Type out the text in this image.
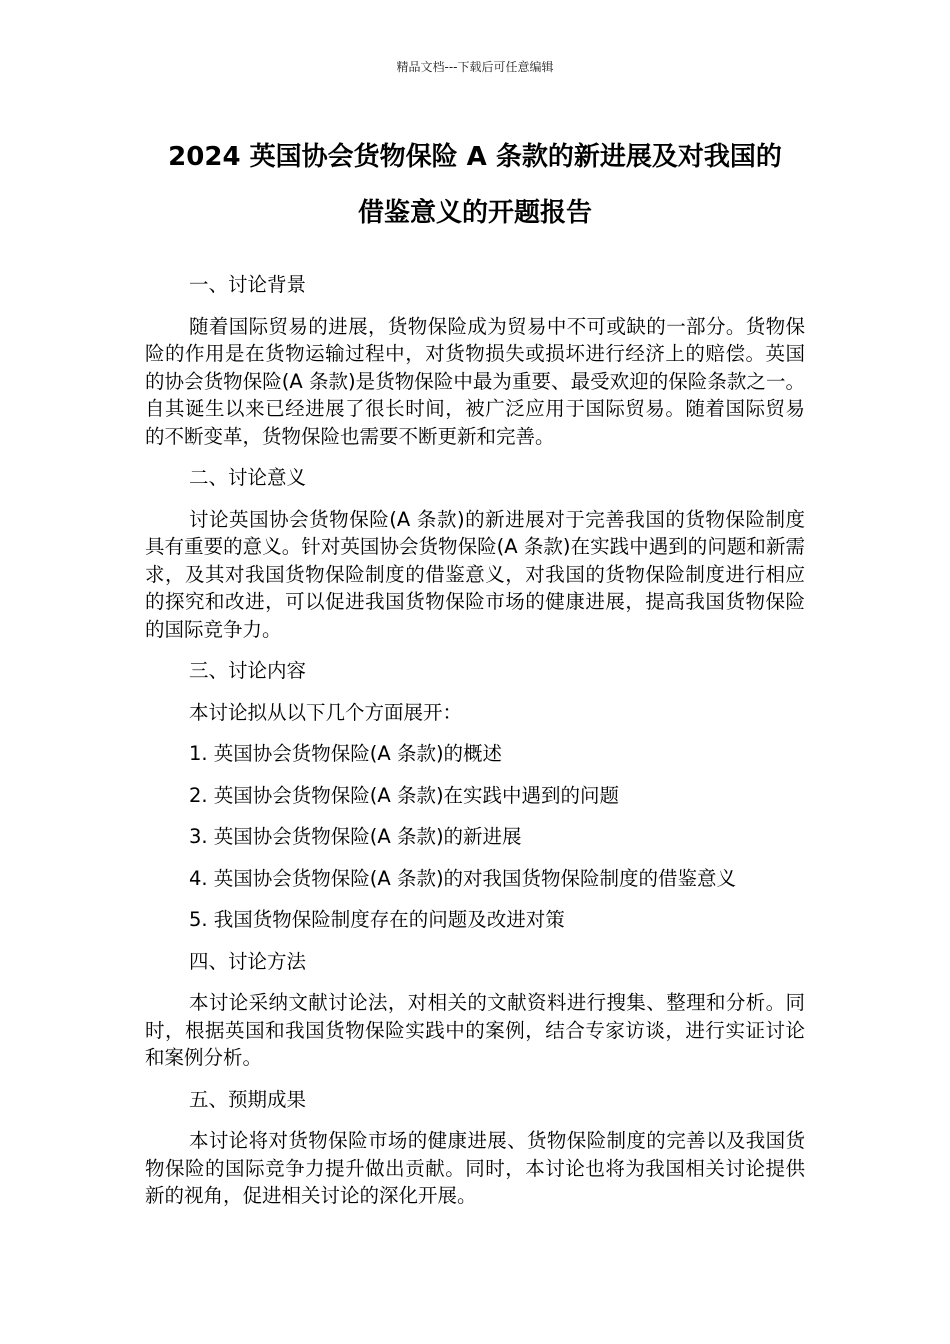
精品文档---下载后可任意编辑
2024 英国协会货物保险 A 条款的新进展及对我国的
借鉴意义的开题报告
一、讨论背景
随着国际贸易的进展，货物保险成为贸易中不可或缺的一部分。货物保险的作用是在货物运输过程中，对货物损失或损坏进行经济上的赔偿。英国的协会货物保险(A 条款)是货物保险中最为重要、最受欢迎的保险条款之一。自其诞生以来已经进展了很长时间，被广泛应用于国际贸易。随着国际贸易的不断变革，货物保险也需要不断更新和完善。
二、讨论意义
讨论英国协会货物保险(A 条款)的新进展对于完善我国的货物保险制度具有重要的意义。针对英国协会货物保险(A 条款)在实践中遇到的问题和新需求，及其对我国货物保险制度的借鉴意义，对我国的货物保险制度进行相应的探究和改进，可以促进我国货物保险市场的健康进展，提高我国货物保险的国际竞争力。
三、讨论内容
本讨论拟从以下几个方面展开：
1. 英国协会货物保险(A 条款)的概述
2. 英国协会货物保险(A 条款)在实践中遇到的问题
3. 英国协会货物保险(A 条款)的新进展
4. 英国协会货物保险(A 条款)的对我国货物保险制度的借鉴意义
5. 我国货物保险制度存在的问题及改进对策
四、讨论方法
本讨论采纳文献讨论法，对相关的文献资料进行搜集、整理和分析。同时，根据英国和我国货物保险实践中的案例，结合专家访谈，进行实证讨论和案例分析。
五、预期成果
本讨论将对货物保险市场的健康进展、货物保险制度的完善以及我国货物保险的国际竞争力提升做出贡献。同时，本讨论也将为我国相关讨论提供新的视角，促进相关讨论的深化开展。
